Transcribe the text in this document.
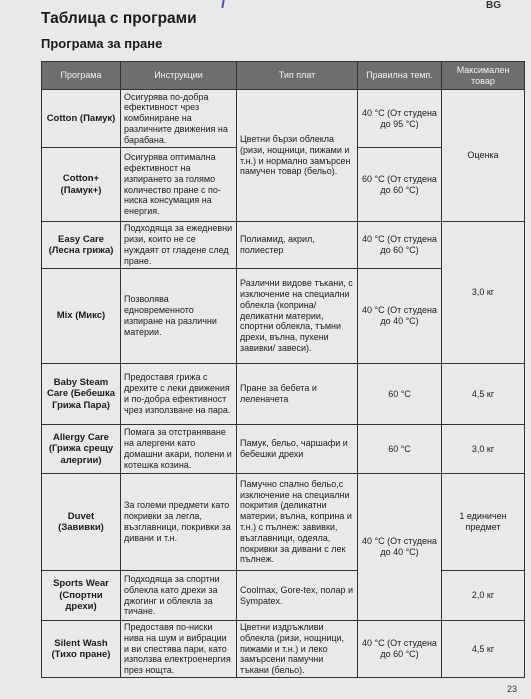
BG
Таблица с програми
Програма за пране
Програма	Инструкции	Тип плат	Правилна темп.	Максимален товар
Cotton (Памук)	Осигурява по-добра ефективност чрез комбиниране на различните движения на барабана.	Цветни бързи облекла (ризи, нощници, пижами и т.н.) и нормално замърсен памучен товар (бельо).	40 °C (От студена до 95 °C)	Оценка
Cotton+ (Памук+)	Осигурява оптимална ефективност на изпирането за голямо количество пране с по-ниска консумация на енергия.		60 °C (От студена до 60 °C)	
Easy Care (Лесна грижа)	Подходяща за ежедневни ризи, които не се нуждаят от гладене след пране.	Полиамид, акрил, полиестер	40 °C (От студена до 60 °C)	3,0 кг
Mix (Микс)	Позволява едновременното изпиране на различни материи.	Различни видове тъкани, с изключение на специални облекла (коприна/деликатни материи, спортни облекла, тъмни дрехи, вълна, пухени завивки/ завеси).	40 °C (От студена до 40 °C)	
Baby Steam Care (Бебешка Грижа Пара)	Предоставя грижа с дрехите с леки движения и по-добра ефективност чрез използване на пара.	Пране за бебета и леленачета	60 °C	4,5 кг
Allergy Care (Грижа срещу алергии)	Помага за отстраняване на алергени като домашни акари, полени и котешка козина.	Памук, бельо, чаршафи и бебешки дрехи	60 °C	3,0 кг
Duvet (Завивки)	За големи предмети като покривки за легла, възглавници, покривки за дивани и т.н.	Памучно спално бельо,с изключение на специални покрития (деликатни материи, вълна, коприна и т.н.) с пълнеж: завивки, възглавници, одеяла, покривки за дивани с лек пълнеж.	40 °C (От студена до 40 °C)	1 единичен предмет
Sports Wear (Спортни дрехи)	Подходяща за спортни облекла като дрехи за джогинг и облекла за тичане.	Coolmax, Gore-tex, полар и Sympatex.		2,0 кг
Silent Wash (Тихо пране)	Предоставя по-ниски нива на шум и вибрации и ви спестява пари, като използва електроенергия през нощта.	Цветни издръжливи облекла (ризи, нощници, пижами и т.н.) и леко замърсени памучни тъкани (бельо).	40 °C (От студена до 60 °C)	4,5 кг
23
